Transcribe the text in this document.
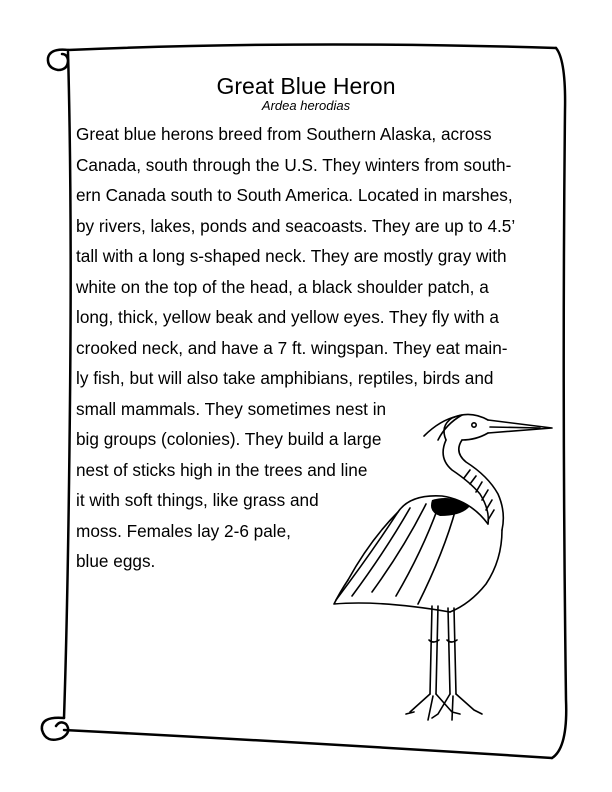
Great Blue Heron
Ardea herodias
Great blue herons breed from Southern Alaska, across
Canada, south through the U.S. They winters from south-
ern Canada south to South America. Located in marshes,
by rivers, lakes, ponds and seacoasts. They are up to 4.5’
tall with a long s-shaped neck. They are mostly gray with
white on the top of the head, a black shoulder patch, a
long, thick, yellow beak and yellow eyes. They fly with a
crooked neck, and have a 7 ft. wingspan. They eat main-
ly fish, but will also take amphibians, reptiles, birds and
small mammals. They sometimes nest in
big groups (colonies). They build a large
nest of sticks high in the trees and line
it with soft things, like grass and
moss. Females lay 2-6 pale,
blue eggs.
